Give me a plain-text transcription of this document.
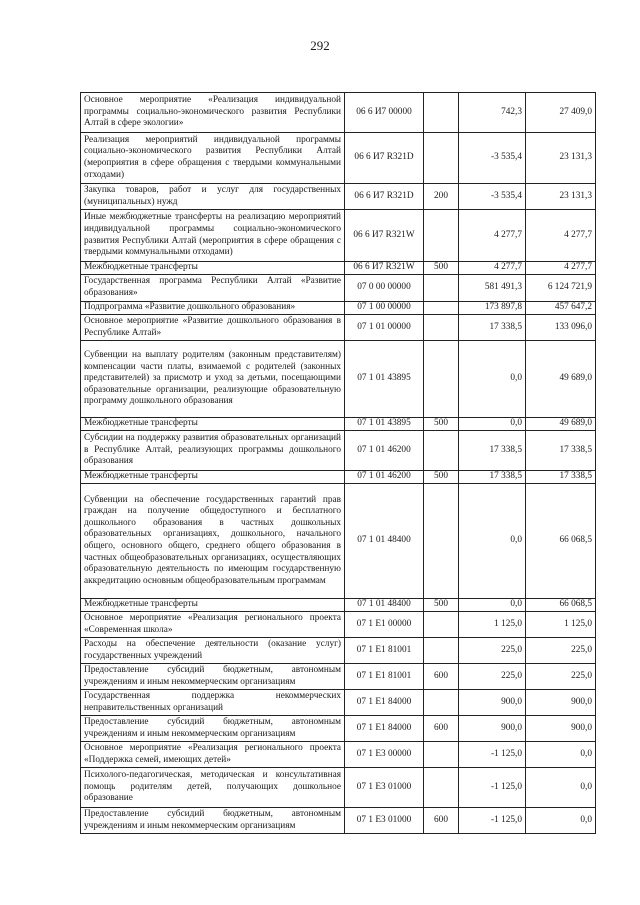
292
Основное мероприятие «Реализация индивидуальной программы социально-экономического развития Республики Алтай в сфере экологии»	06 6 И7 00000		742,3	27 409,0
Реализация мероприятий индивидуальной программы социально-экономического развития Республики Алтай (мероприятия в сфере обращения с твердыми коммунальными отходами)	06 6 И7 R321D		-3 535,4	23 131,3
Закупка товаров, работ и услуг для государственных (муниципальных) нужд	06 6 И7 R321D	200	-3 535,4	23 131,3
Иные межбюджетные трансферты на реализацию мероприятий индивидуальной программы социально-экономического развития Республики Алтай (мероприятия в сфере обращения с твердыми коммунальными отходами)	06 6 И7 R321W		4 277,7	4 277,7
Межбюджетные трансферты	06 6 И7 R321W	500	4 277,7	4 277,7
Государственная программа Республики Алтай «Развитие образования»	07 0 00 00000		581 491,3	6 124 721,9
Подпрограмма «Развитие дошкольного образования»	07 1 00 00000		173 897,8	457 647,2
Основное мероприятие «Развитие дошкольного образования в Республике Алтай»	07 1 01 00000		17 338,5	133 096,0
Субвенции на выплату родителям (законным представителям) компенсации части платы, взимаемой с родителей (законных представителей) за присмотр и уход за детьми, посещающими образовательные организации, реализующие образовательную программу дошкольного образования	07 1 01 43895		0,0	49 689,0
Межбюджетные трансферты	07 1 01 43895	500	0,0	49 689,0
Субсидии на поддержку развития образовательных организаций в Республике Алтай, реализующих программы дошкольного образования	07 1 01 46200		17 338,5	17 338,5
Межбюджетные трансферты	07 1 01 46200	500	17 338,5	17 338,5
Субвенции на обеспечение государственных гарантий прав граждан на получение общедоступного и бесплатного дошкольного образования в частных дошкольных образовательных организациях, дошкольного, начального общего, основного общего, среднего общего образования в частных общеобразовательных организациях, осуществляющих образовательную деятельность по имеющим государственную аккредитацию основным общеобразовательным программам	07 1 01 48400		0,0	66 068,5
Межбюджетные трансферты	07 1 01 48400	500	0,0	66 068,5
Основное мероприятие «Реализация регионального проекта «Современная школа»	07 1 E1 00000		1 125,0	1 125,0
Расходы на обеспечение деятельности (оказание услуг) государственных учреждений	07 1 E1 81001		225,0	225,0
Предоставление субсидий бюджетным, автономным учреждениям и иным некоммерческим организациям	07 1 E1 81001	600	225,0	225,0
Государственная поддержка некоммерческих неправительственных организаций	07 1 E1 84000		900,0	900,0
Предоставление субсидий бюджетным, автономным учреждениям и иным некоммерческим организациям	07 1 E1 84000	600	900,0	900,0
Основное мероприятие «Реализация регионального проекта «Поддержка семей, имеющих детей»	07 1 E3 00000		-1 125,0	0,0
Психолого-педагогическая, методическая и консультативная помощь родителям детей, получающих дошкольное образование	07 1 E3 01000		-1 125,0	0,0
Предоставление субсидий бюджетным, автономным учреждениям и иным некоммерческим организациям	07 1 E3 01000	600	-1 125,0	0,0
